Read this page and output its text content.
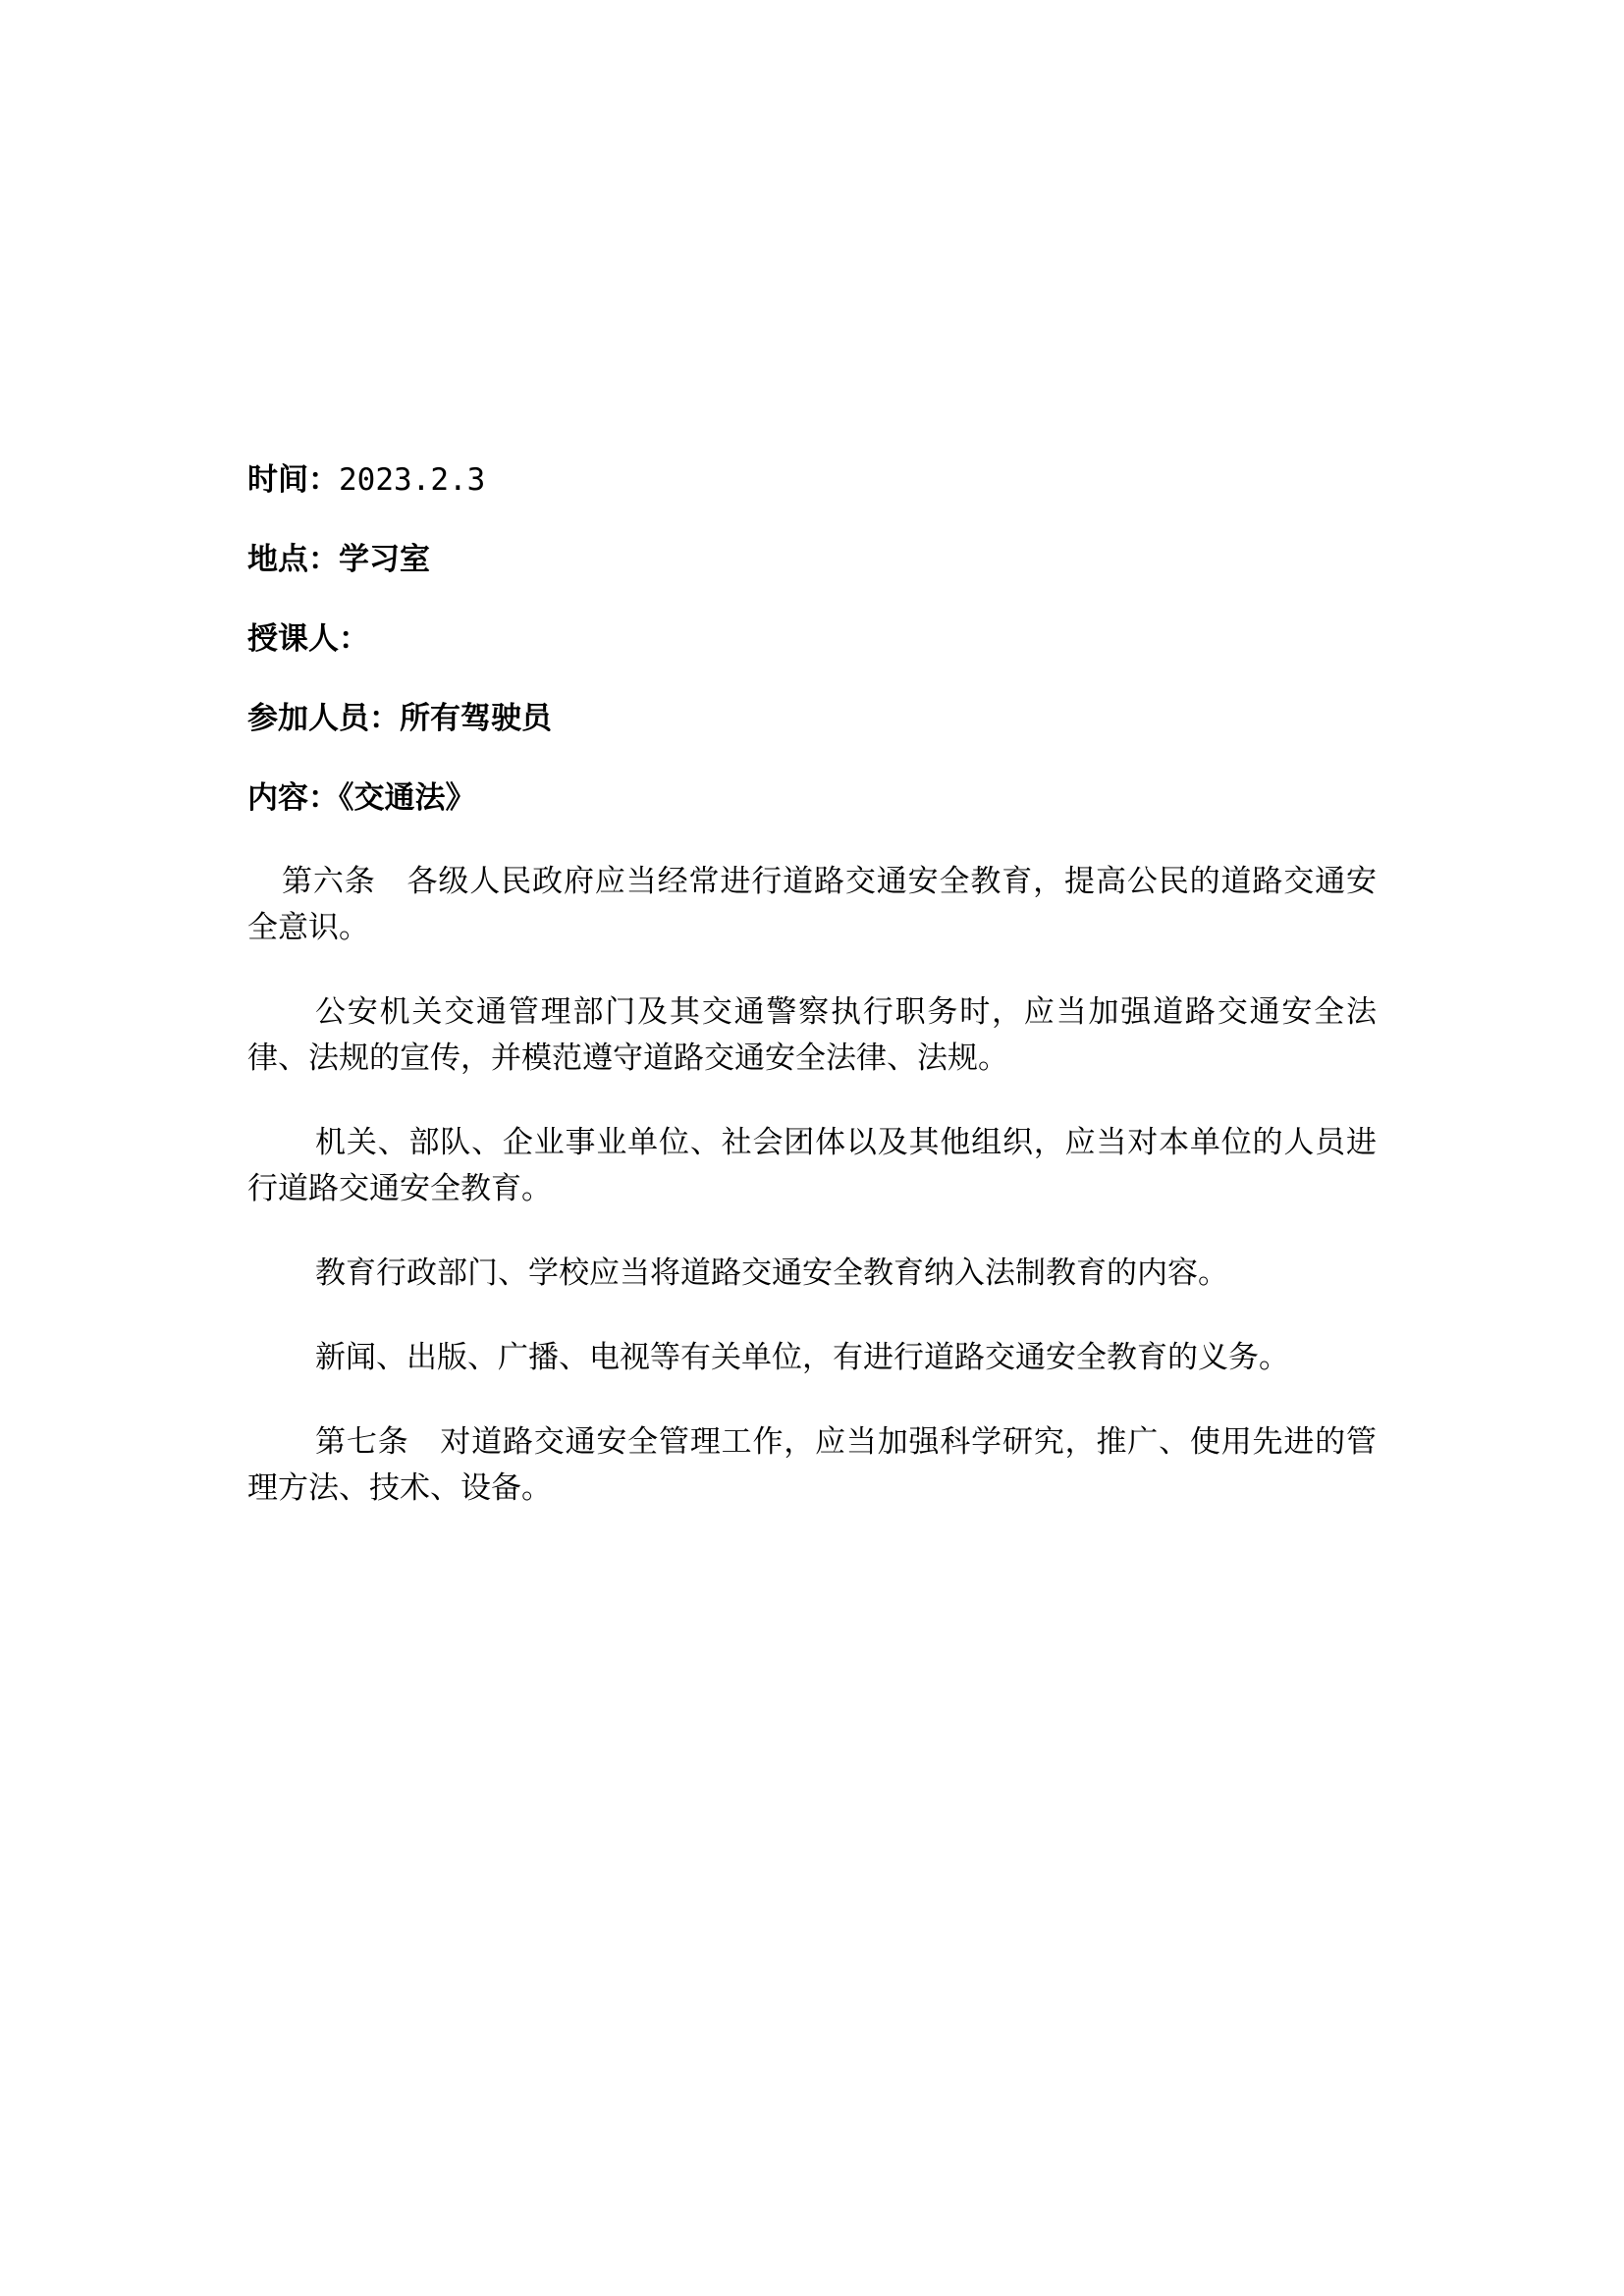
时间：2023.2.3

地点：学习室

授课人：

参加人员：所有驾驶员

内容：《交通法》

第六条　各级人民政府应当经常进行道路交通安全教育，提高公民的道路交通安全意识。

公安机关交通管理部门及其交通警察执行职务时，应当加强道路交通安全法律、法规的宣传，并模范遵守道路交通安全法律、法规。

机关、部队、企业事业单位、社会团体以及其他组织，应当对本单位的人员进行道路交通安全教育。

教育行政部门、学校应当将道路交通安全教育纳入法制教育的内容。

新闻、出版、广播、电视等有关单位，有进行道路交通安全教育的义务。

第七条　对道路交通安全管理工作，应当加强科学研究，推广、使用先进的管理方法、技术、设备。
